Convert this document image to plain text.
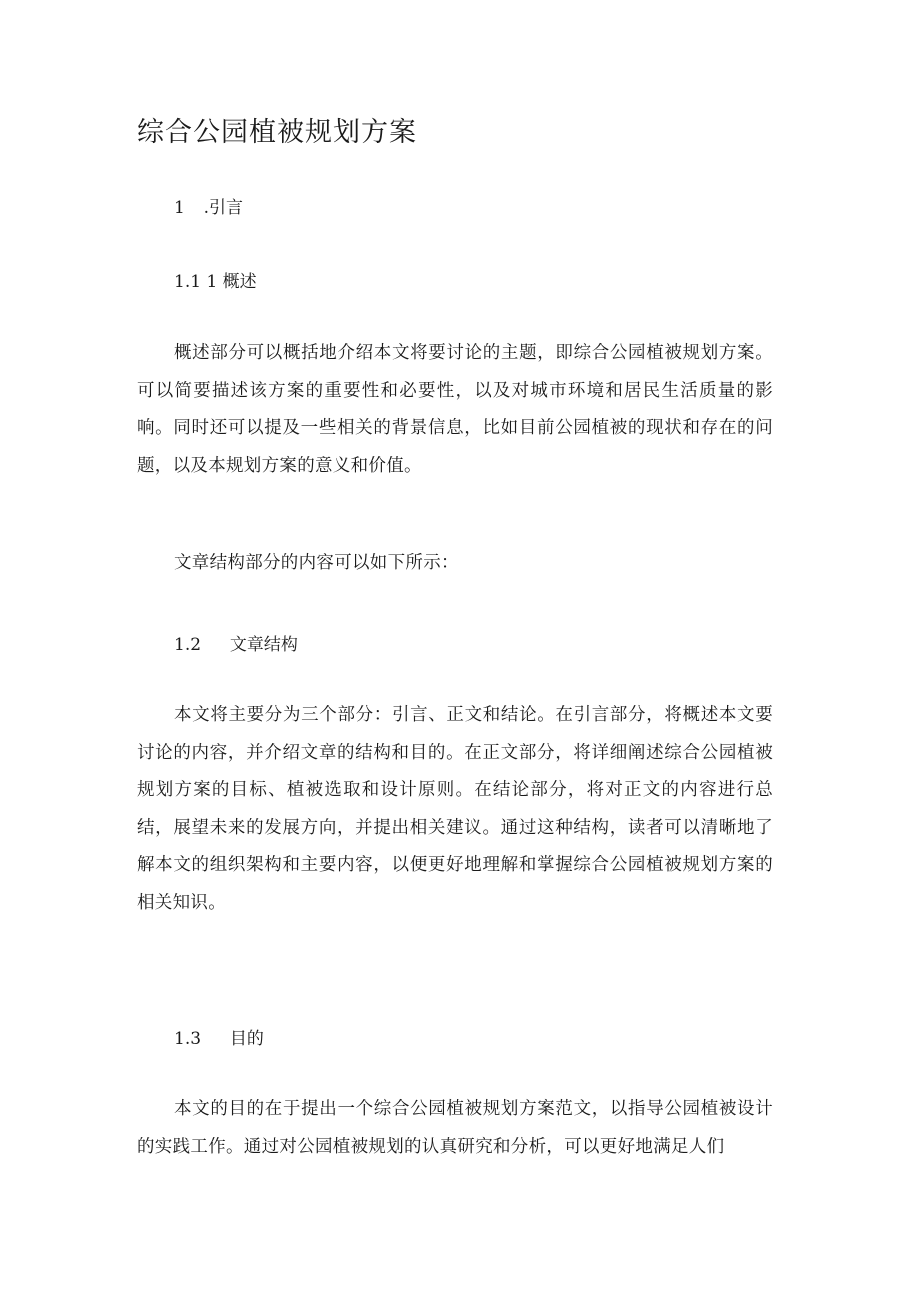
综合公园植被规划方案
1 .引言
1.1 1 概述

概述部分可以概括地介绍本文将要讨论的主题，即综合公园植被规划方案。可以简要描述该方案的重要性和必要性，以及对城市环境和居民生活质量的影响。同时还可以提及一些相关的背景信息，比如目前公园植被的现状和存在的问题，以及本规划方案的意义和价值。

文章结构部分的内容可以如下所示：

1.2 文章结构

本文将主要分为三个部分：引言、正文和结论。在引言部分，将概述本文要讨论的内容，并介绍文章的结构和目的。在正文部分，将详细阐述综合公园植被规划方案的目标、植被选取和设计原则。在结论部分，将对正文的内容进行总结，展望未来的发展方向，并提出相关建议。通过这种结构，读者可以清晰地了解本文的组织架构和主要内容，以便更好地理解和掌握综合公园植被规划方案的相关知识。

1.3 目的

本文的目的在于提出一个综合公园植被规划方案范文，以指导公园植被设计的实践工作。通过对公园植被规划的认真研究和分析，可以更好地满足人们
